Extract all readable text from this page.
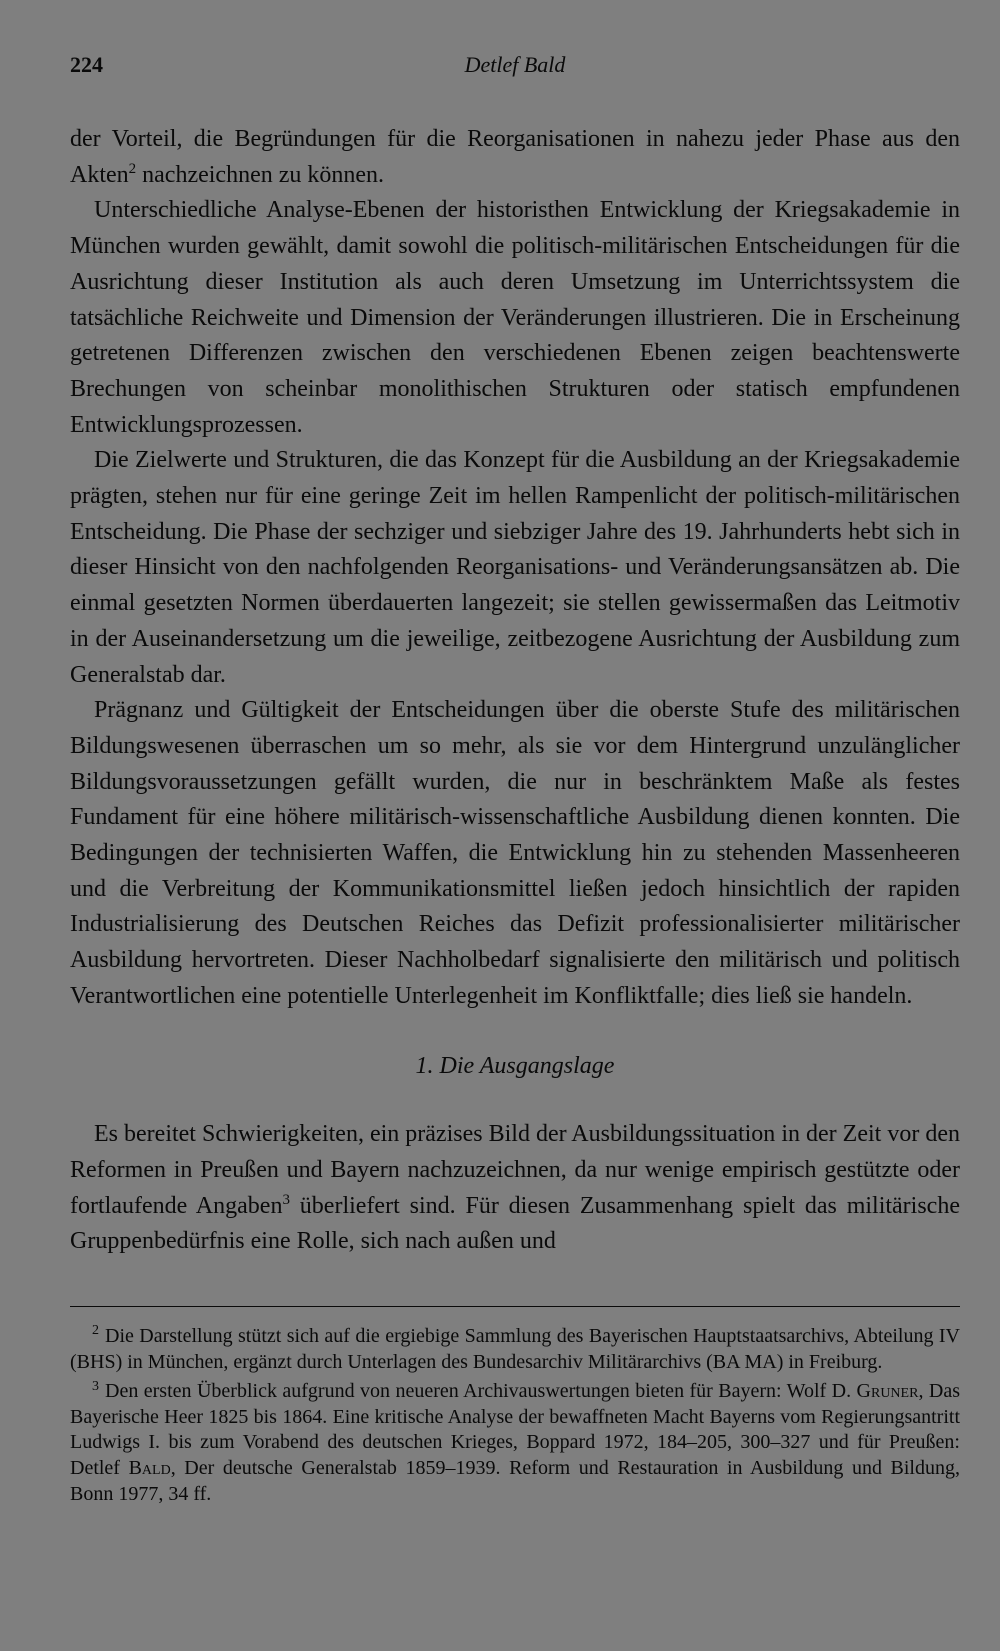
224	Detlef Bald

der Vorteil, die Begründungen für die Reorganisationen in nahezu jeder Phase aus den Akten$^2$ nachzeichnen zu können.

Unterschiedliche Analyse-Ebenen der historisthen Entwicklung der Kriegsakademie in München wurden gewählt, damit sowohl die politisch-militärischen Entscheidungen für die Ausrichtung dieser Institution als auch deren Umsetzung im Unterrichtssystem die tatsächliche Reichweite und Dimension der Veränderungen illustrieren. Die in Erscheinung getretenen Differenzen zwischen den verschiedenen Ebenen zeigen beachtenswerte Brechungen von scheinbar monolithischen Strukturen oder statisch empfundenen Entwicklungsprozessen.

Die Zielwerte und Strukturen, die das Konzept für die Ausbildung an der Kriegsakademie prägten, stehen nur für eine geringe Zeit im hellen Rampenlicht der politisch-militärischen Entscheidung. Die Phase der sechziger und siebziger Jahre des 19. Jahrhunderts hebt sich in dieser Hinsicht von den nachfolgenden Reorganisations- und Veränderungsansätzen ab. Die einmal gesetzten Normen überdauerten langezeit; sie stellen gewissermaßen das Leitmotiv in der Auseinandersetzung um die jeweilige, zeitbezogene Ausrichtung der Ausbildung zum Generalstab dar.

Prägnanz und Gültigkeit der Entscheidungen über die oberste Stufe des militärischen Bildungswesenen überraschen um so mehr, als sie vor dem Hintergrund unzulänglicher Bildungsvoraussetzungen gefällt wurden, die nur in beschränktem Maße als festes Fundament für eine höhere militärisch-wissenschaftliche Ausbildung dienen konnten. Die Bedingungen der technisierten Waffen, die Entwicklung hin zu stehenden Massenheeren und die Verbreitung der Kommunikationsmittel ließen jedoch hinsichtlich der rapiden Industrialisierung des Deutschen Reiches das Defizit professionalisierter militärischer Ausbildung hervortreten. Dieser Nachholbedarf signalisierte den militärisch und politisch Verantwortlichen eine potentielle Unterlegenheit im Konfliktfalle; dies ließ sie handeln.

1. Die Ausgangslage

Es bereitet Schwierigkeiten, ein präzises Bild der Ausbildungssituation in der Zeit vor den Reformen in Preußen und Bayern nachzuzeichnen, da nur wenige empirisch gestützte oder fortlaufende Angaben$^3$ überliefert sind. Für diesen Zusammenhang spielt das militärische Gruppenbedürfnis eine Rolle, sich nach außen und

$^2$ Die Darstellung stützt sich auf die ergiebige Sammlung des Bayerischen Hauptstaatsarchivs, Abteilung IV (BHS) in München, ergänzt durch Unterlagen des Bundesarchiv Militärarchivs (BA MA) in Freiburg.

$^3$ Den ersten Überblick aufgrund von neueren Archivauswertungen bieten für Bayern: Wolf D. Gruner, Das Bayerische Heer 1825 bis 1864. Eine kritische Analyse der bewaffneten Macht Bayerns vom Regierungsantritt Ludwigs I. bis zum Vorabend des deutschen Krieges, Boppard 1972, 184–205, 300–327 und für Preußen: Detlef Bald, Der deutsche Generalstab 1859–1939. Reform und Restauration in Ausbildung und Bildung, Bonn 1977, 34 ff.
